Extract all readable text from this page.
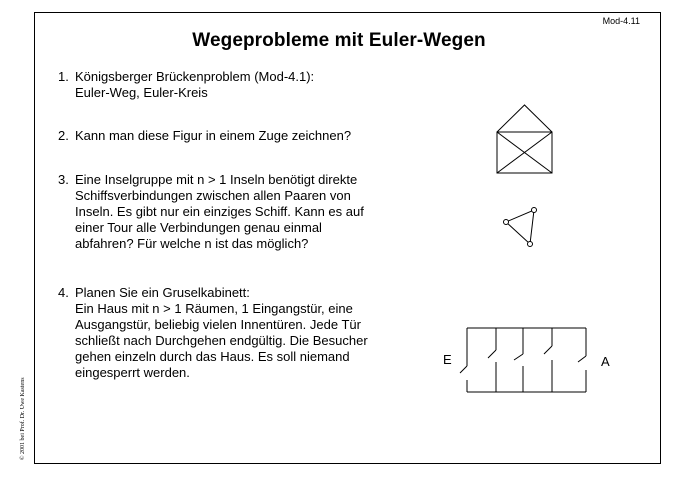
Mod-4.11
Wegeprobleme mit Euler-Wegen
© 2001 bei Prof. Dr. Uwe Kastens
1. Königsberger Brückenproblem (Mod-4.1):
Euler-Weg, Euler-Kreis
2. Kann man diese Figur in einem Zuge zeichnen?
3. Eine Inselgruppe mit n > 1 Inseln benötigt direkte
Schiffsverbindungen zwischen allen Paaren von
Inseln. Es gibt nur ein einziges Schiff. Kann es auf
einer Tour alle Verbindungen genau einmal
abfahren? Für welche n ist das möglich?
4. Planen Sie ein Gruselkabinett:
Ein Haus mit n > 1 Räumen, 1 Eingangstür, eine
Ausgangstür, beliebig vielen Innentüren. Jede Tür
schließt nach Durchgehen endgültig. Die Besucher
gehen einzeln durch das Haus. Es soll niemand
eingesperrt werden.
E	A
